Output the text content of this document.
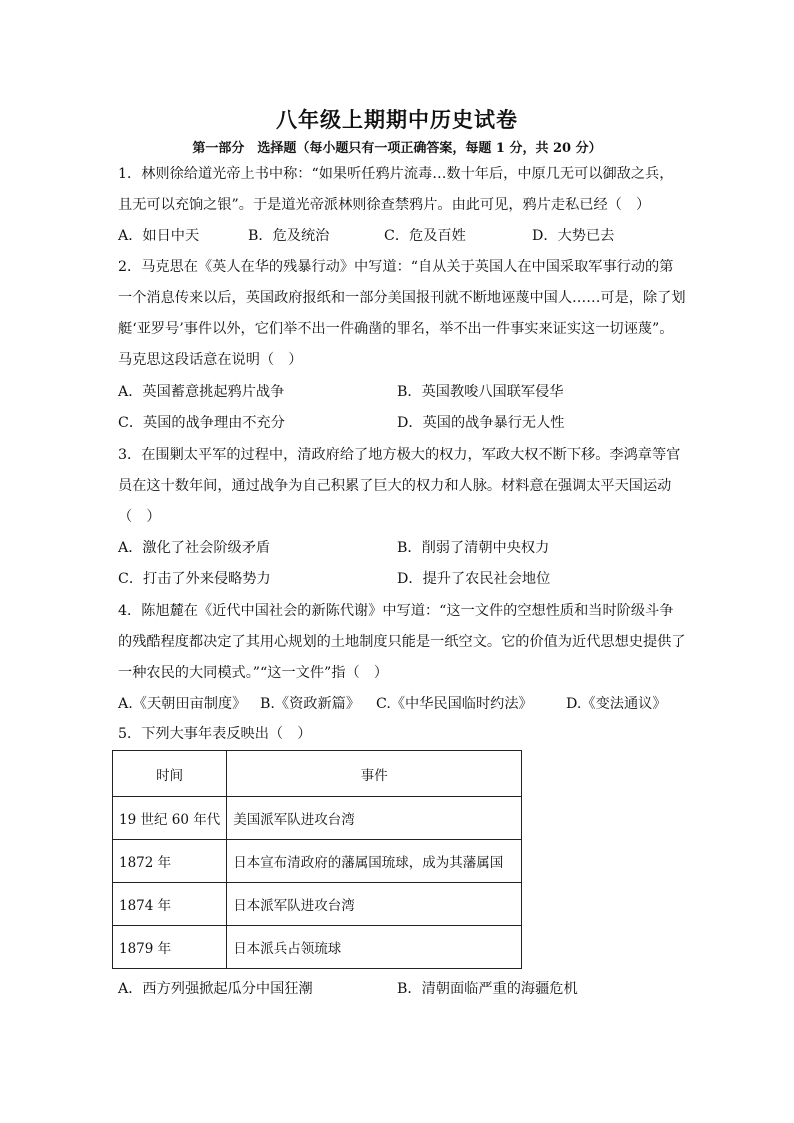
八年级上期期中历史试卷
第一部分　选择题（每小题只有一项正确答案，每题 1 分，共 20 分）
1．林则徐给道光帝上书中称：“如果听任鸦片流毒…数十年后，中原几无可以御敌之兵，
且无可以充饷之银”。于是道光帝派林则徐查禁鸦片。由此可见，鸦片走私已经（　）
A．如日中天	B．危及统治	C．危及百姓	D．大势已去
2．马克思在《英人在华的残暴行动》中写道：“自从关于英国人在中国采取军事行动的第
一个消息传来以后，英国政府报纸和一部分美国报刊就不断地诬蔑中国人……可是，除了划
艇‘亚罗号’事件以外，它们举不出一件确凿的罪名，举不出一件事实来证实这一切诬蔑”。
马克思这段话意在说明（　）
A．英国蓄意挑起鸦片战争	B．英国教唆八国联军侵华
C．英国的战争理由不充分	D．英国的战争暴行无人性
3．在围剿太平军的过程中，清政府给了地方极大的权力，军政大权不断下移。李鸿章等官
员在这十数年间，通过战争为自己积累了巨大的权力和人脉。材料意在强调太平天国运动
（　）
A．激化了社会阶级矛盾	B．削弱了清朝中央权力
C．打击了外来侵略势力	D．提升了农民社会地位
4．陈旭麓在《近代中国社会的新陈代谢》中写道：“这一文件的空想性质和当时阶级斗争
的残酷程度都决定了其用心规划的土地制度只能是一纸空文。它的价值为近代思想史提供了
一种农民的大同模式。”“这一文件”指（　）
A.《天朝田亩制度》 B.《资政新篇》 C.《中华民国临时约法》 D.《变法通议》
5．下列大事年表反映出（　）
时间	事件
19 世纪 60 年代	美国派军队进攻台湾
1872 年	日本宣布清政府的藩属国琉球，成为其藩属国
1874 年	日本派军队进攻台湾
1879 年	日本派兵占领琉球
A．西方列强掀起瓜分中国狂潮	B．清朝面临严重的海疆危机
